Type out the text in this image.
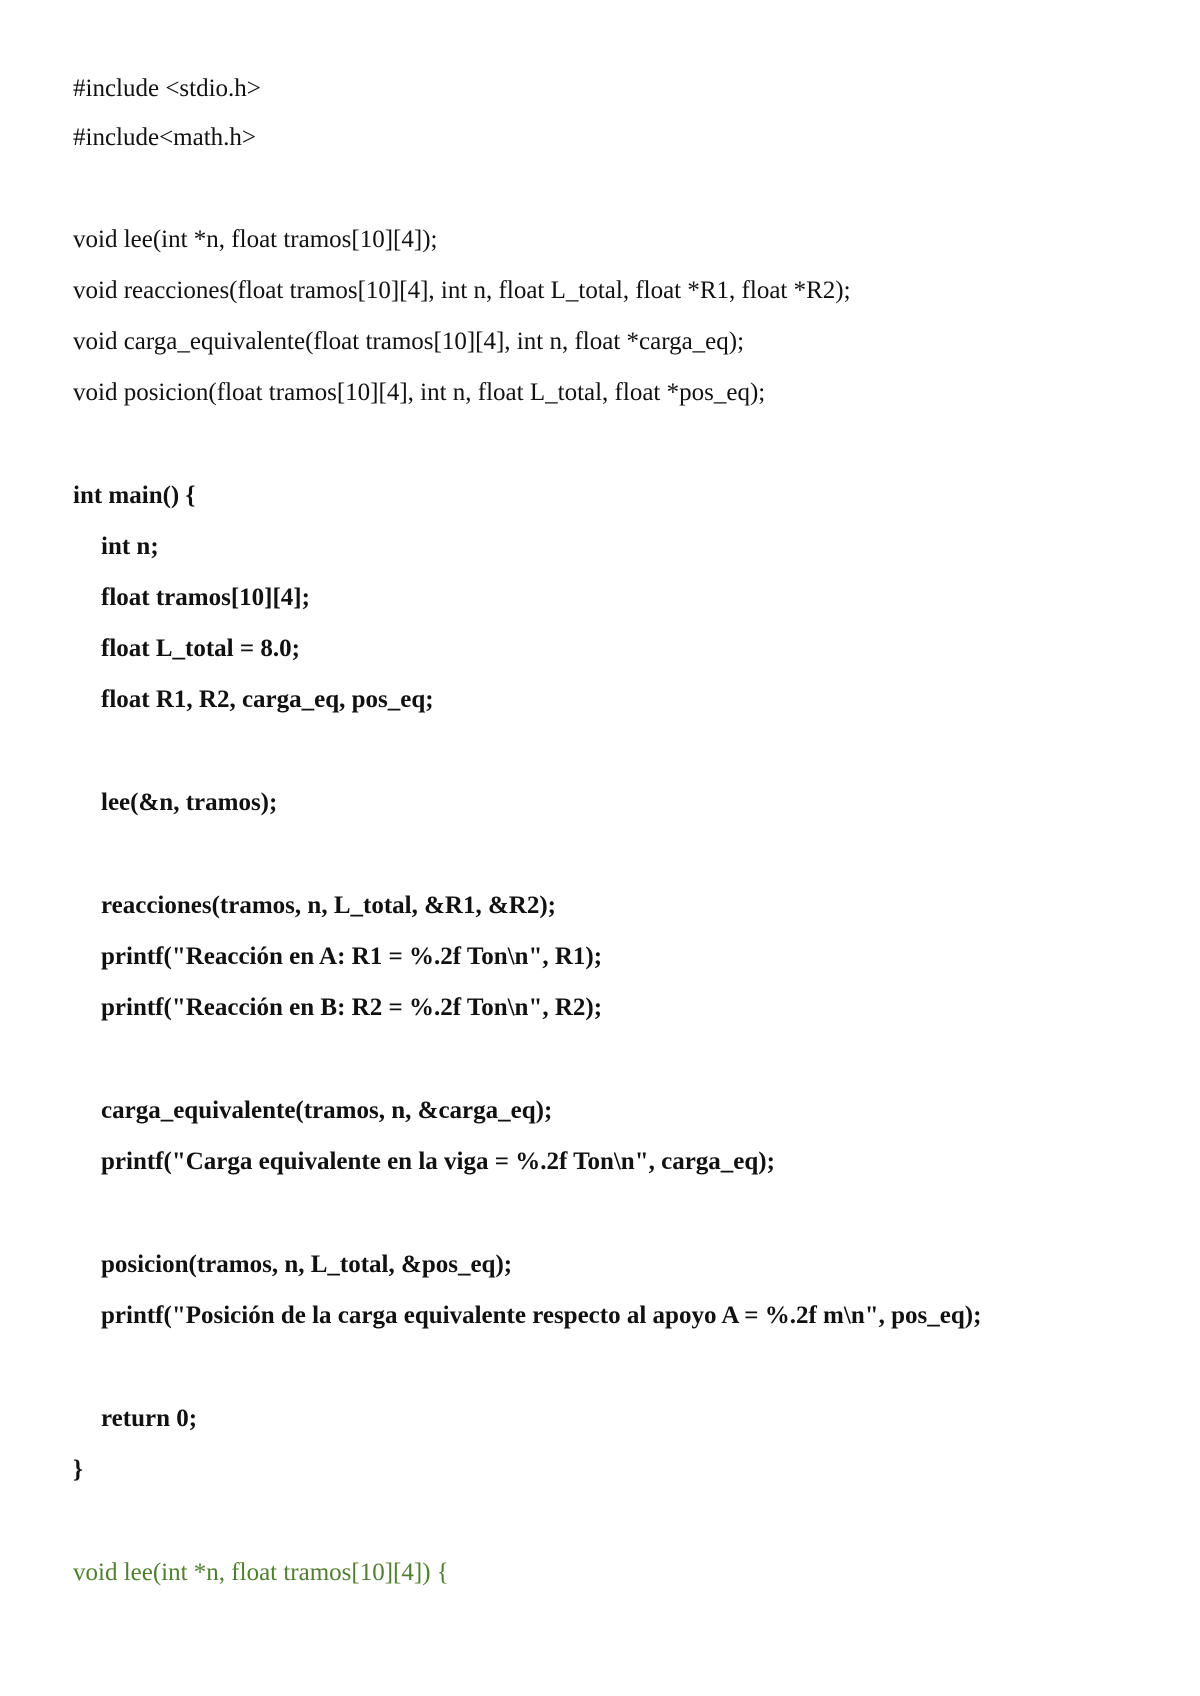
#include <stdio.h>
#include<math.h>
void lee(int *n, float tramos[10][4]);
void reacciones(float tramos[10][4], int n, float L_total, float *R1, float *R2);
void carga_equivalente(float tramos[10][4], int n, float *carga_eq);
void posicion(float tramos[10][4], int n, float L_total, float *pos_eq);
int main() {
int n;
float tramos[10][4];
float L_total = 8.0;
float R1, R2, carga_eq, pos_eq;
lee(&n, tramos);
reacciones(tramos, n, L_total, &R1, &R2);
printf("Reacción en A: R1 = %.2f Ton\n", R1);
printf("Reacción en B: R2 = %.2f Ton\n", R2);
carga_equivalente(tramos, n, &carga_eq);
printf("Carga equivalente en la viga = %.2f Ton\n", carga_eq);
posicion(tramos, n, L_total, &pos_eq);
printf("Posición de la carga equivalente respecto al apoyo A = %.2f m\n", pos_eq);
return 0;
}
void lee(int *n, float tramos[10][4]) {
